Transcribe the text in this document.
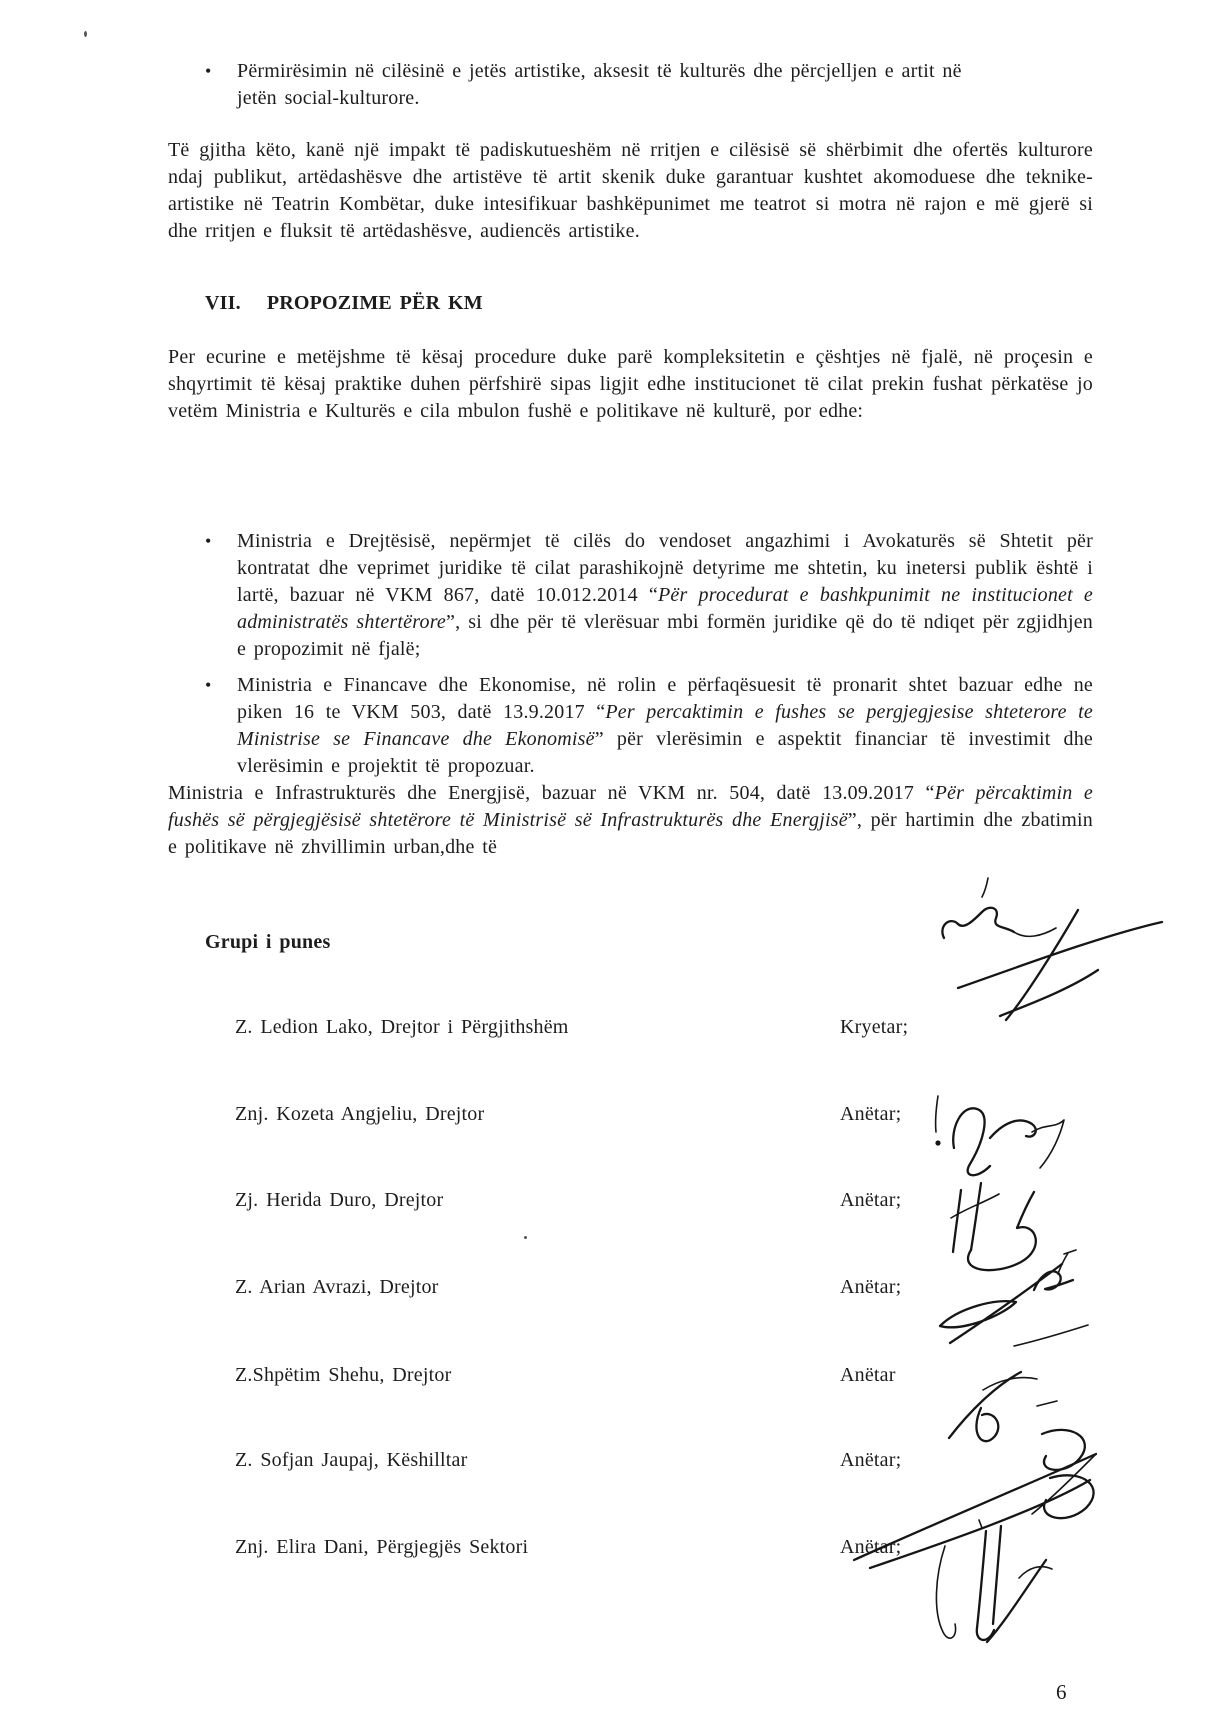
•	Përmirësimin në cilësinë e jetës artistike, aksesit të kulturës dhe përcjelljen e artit në jetën social-kulturore.
Të gjitha këto, kanë një impakt të padiskutueshëm në rritjen e cilësisë së shërbimit dhe ofertës kulturore ndaj publikut, artëdashësve dhe artistëve të artit skenik duke garantuar kushtet akomoduese dhe teknike-artistike në Teatrin Kombëtar, duke intesifikuar bashkëpunimet me teatrot si motra në rajon e më gjerë si dhe rritjen e fluksit të artëdashësve, audiencës artistike.
VII. PROPOZIME PËR KM
Per ecurine e metëjshme të kësaj procedure duke parë kompleksitetin e çështjes në fjalë, në proçesin e shqyrtimit të kësaj praktike duhen përfshirë sipas ligjit edhe institucionet të cilat prekin fushat përkatëse jo vetëm Ministria e Kulturës e cila mbulon fushë e politikave në kulturë, por edhe:
•	Ministria e Drejtësisë, nepërmjet të cilës do vendoset angazhimi i Avokaturës së Shtetit për kontratat dhe veprimet juridike të cilat parashikojnë detyrime me shtetin, ku inetersi publik është i lartë, bazuar në VKM 867, datë 10.012.2014 “Për procedurat e bashkpunimit ne institucionet e administratës shtertërore”, si dhe për të vlerësuar mbi formën juridike që do të ndiqet për zgjidhjen e propozimit në fjalë;
•	Ministria e Financave dhe Ekonomise, në rolin e përfaqësuesit të pronarit shtet bazuar edhe ne piken 16 te VKM 503, datë 13.9.2017 “Per percaktimin e fushes se pergjegjesise shteterore te Ministrise se Financave dhe Ekonomisë” për vlerësimin e aspektit financiar të investimit dhe vlerësimin e projektit të propozuar.
Ministria e Infrastrukturës dhe Energjisë, bazuar në VKM nr. 504, datë 13.09.2017 “Për përcaktimin e fushës së përgjegjësisë shtetërore të Ministrisë së Infrastrukturës dhe Energjisë”, për hartimin dhe zbatimin e politikave në zhvillimin urban,dhe të
Grupi i punes
Z. Ledion Lako, Drejtor i Përgjithshëm	Kryetar;
Znj. Kozeta Angjeliu, Drejtor	Anëtar;
Zj. Herida Duro, Drejtor	Anëtar;
Z. Arian Avrazi, Drejtor	Anëtar;
Z.Shpëtim Shehu, Drejtor	Anëtar
Z. Sofjan Jaupaj, Këshilltar	Anëtar;
Znj. Elira Dani, Përgjegjës Sektori	Anëtar;
6
